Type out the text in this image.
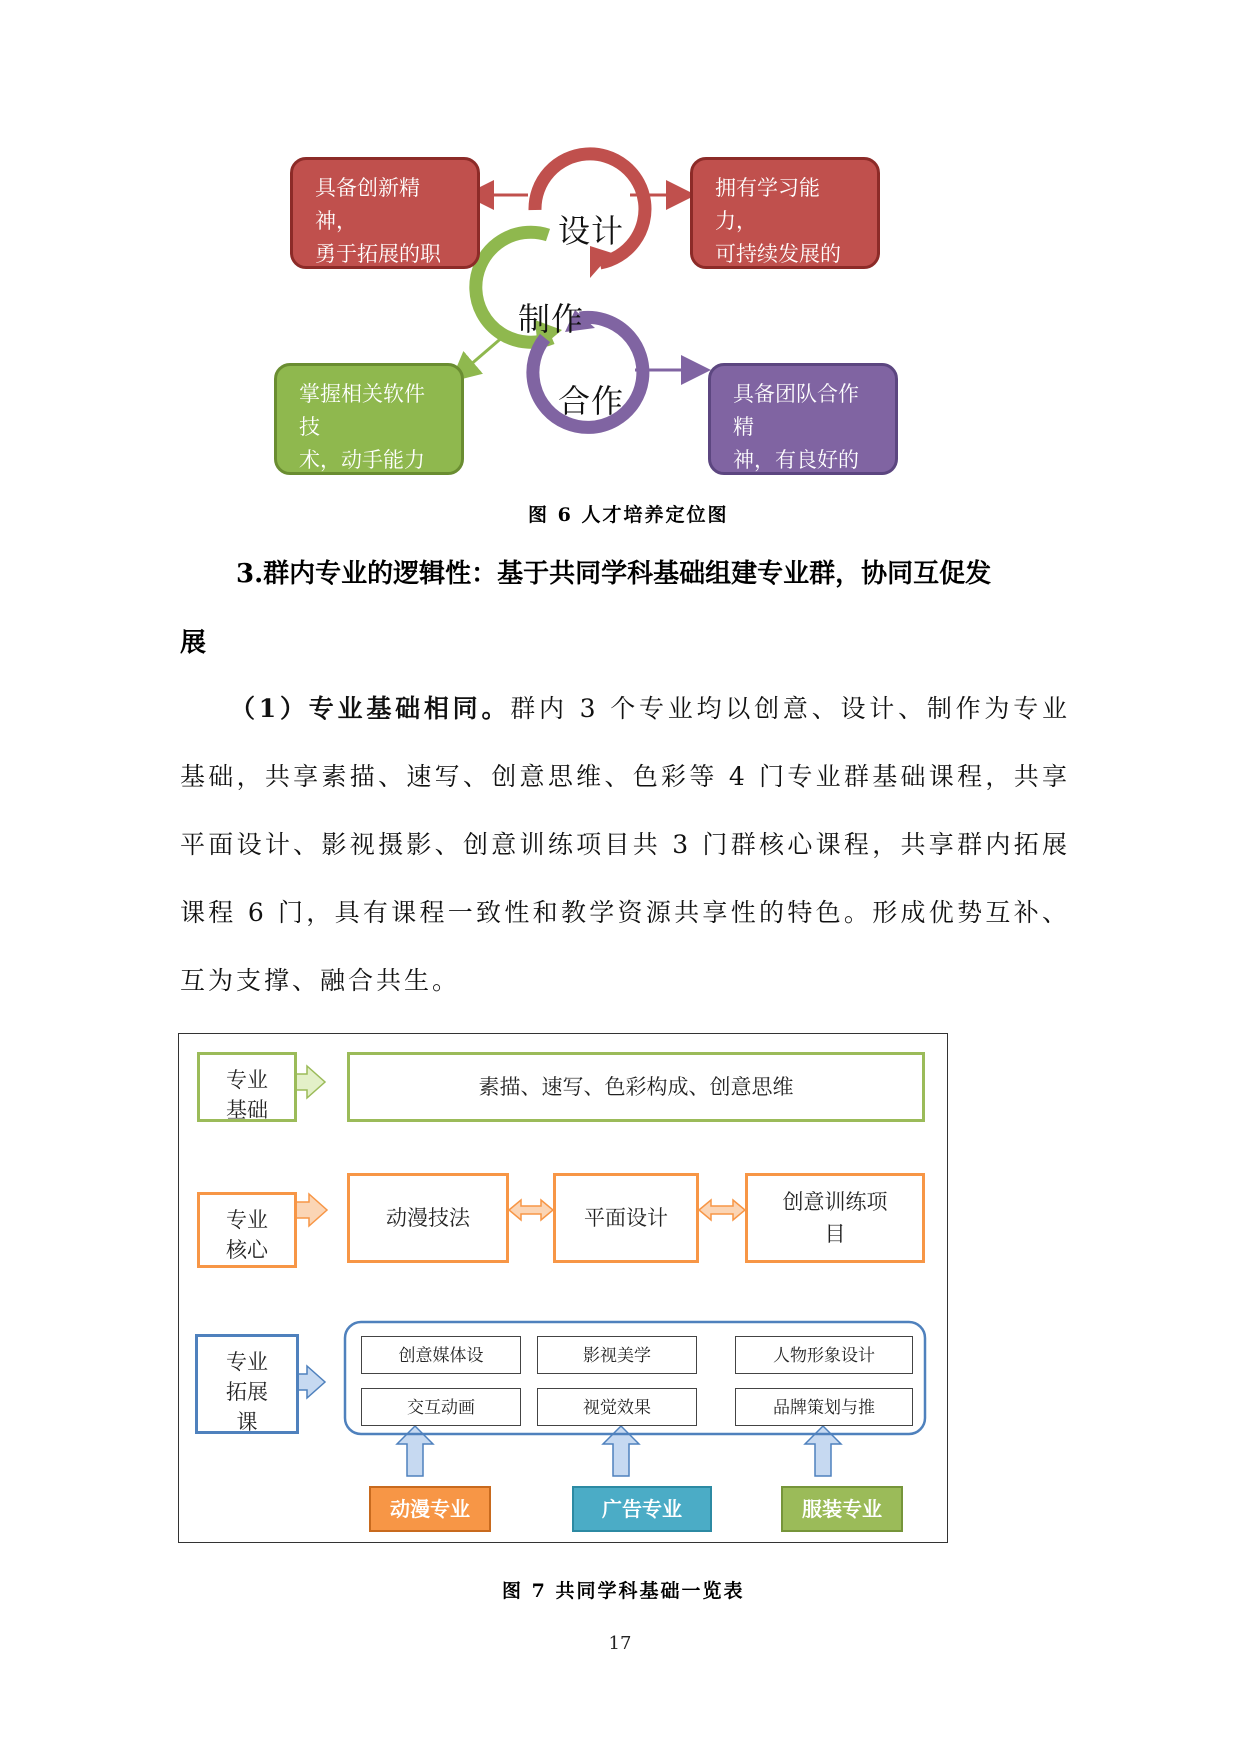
具备创新精神，
勇于拓展的职业
精神。
拥有学习能力，
可持续发展的人
才。
掌握相关软件技
术，动手能力较
强。
具备团队合作精
神，有良好的沟
通能力。
设计
制作
合作
图 6 人才培养定位图
3.群内专业的逻辑性：基于共同学科基础组建专业群，协同互促发
展

（1）专业基础相同。群内 3 个专业均以创意、设计、制作为专业基础，共享素描、速写、创意思维、色彩等 4 门专业群基础课程，共享平面设计、影视摄影、创意训练项目共 3 门群核心课程，共享群内拓展课程 6 门，具有课程一致性和教学资源共享性的特色。形成优势互补、互为支撑、融合共生。

专业
基础
素描、速写、色彩构成、创意思维
专业
核心
动漫技法	平面设计
创意训练项
目
专业
拓展
课
创意媒体设	影视美学	人物形象设计
交互动画	视觉效果	品牌策划与推
动漫专业	广告专业	服装专业
图 7 共同学科基础一览表
17
